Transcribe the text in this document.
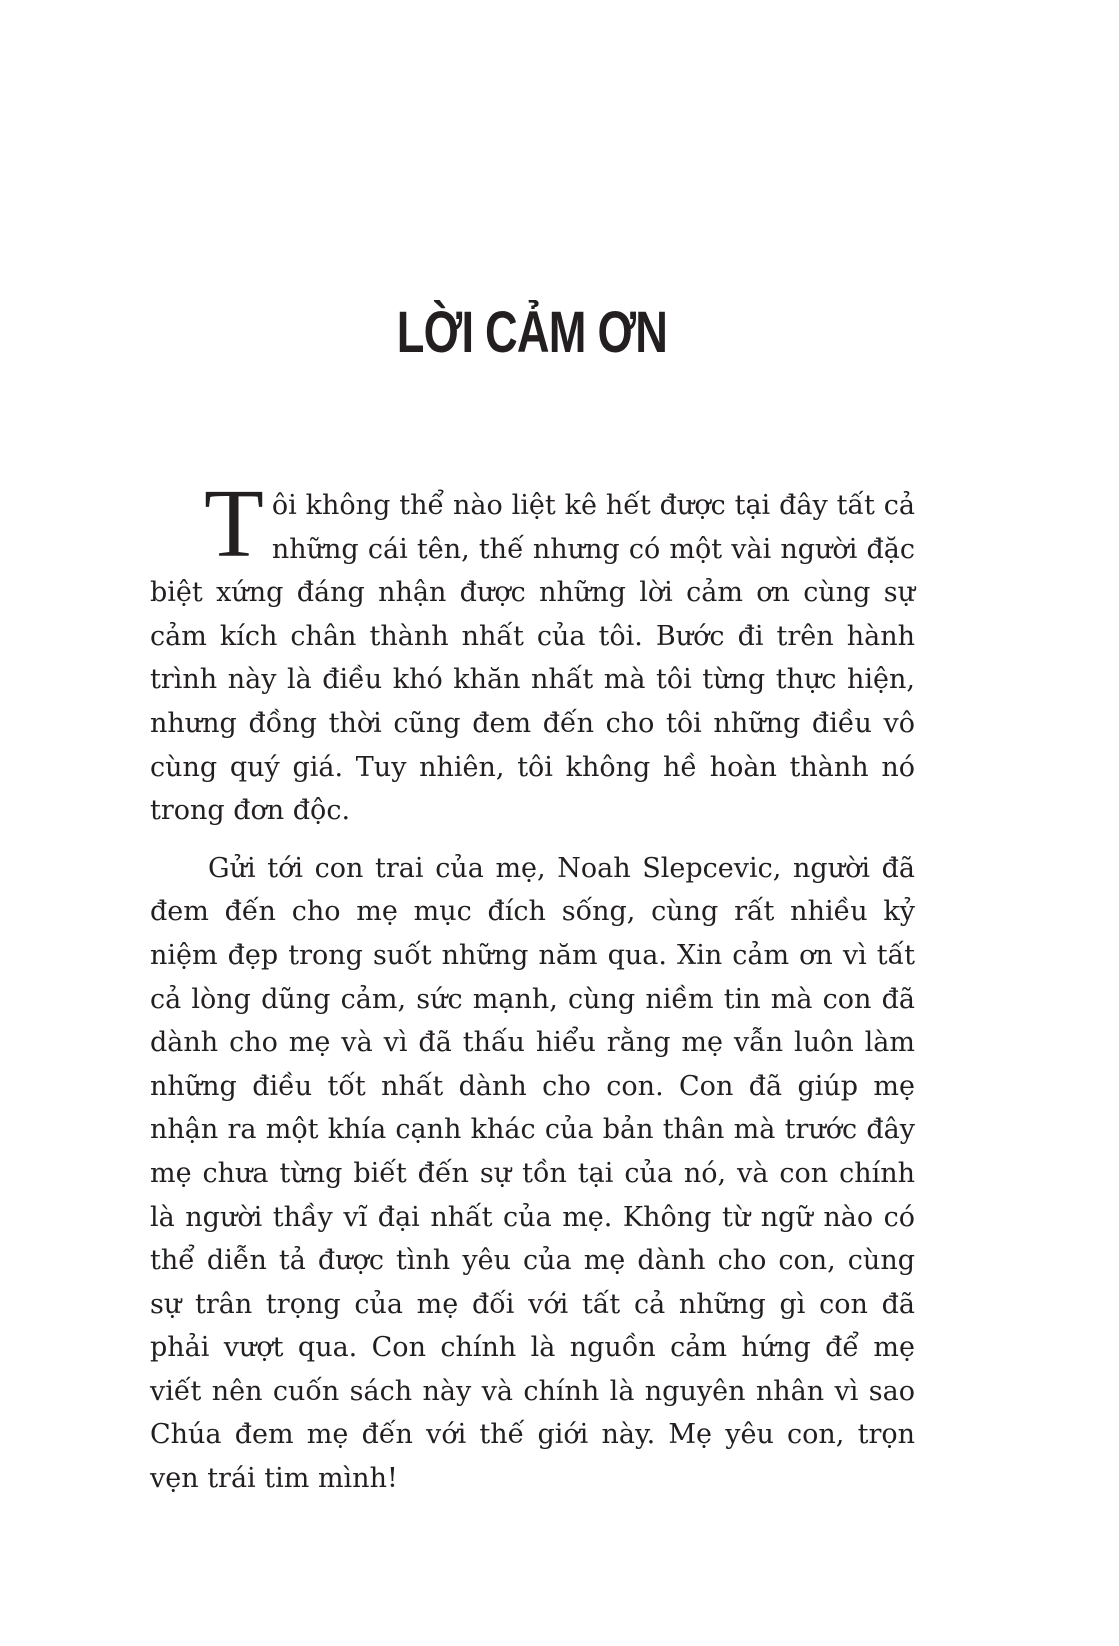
LỜI CẢM ƠN

Tôi không thể nào liệt kê hết được tại đây tất cả những cái tên, thế nhưng có một vài người đặc biệt xứng đáng nhận được những lời cảm ơn cùng sự cảm kích chân thành nhất của tôi. Bước đi trên hành trình này là điều khó khăn nhất mà tôi từng thực hiện, nhưng đồng thời cũng đem đến cho tôi những điều vô cùng quý giá. Tuy nhiên, tôi không hề hoàn thành nó trong đơn độc.

Gửi tới con trai của mẹ, Noah Slepcevic, người đã đem đến cho mẹ mục đích sống, cùng rất nhiều kỷ niệm đẹp trong suốt những năm qua. Xin cảm ơn vì tất cả lòng dũng cảm, sức mạnh, cùng niềm tin mà con đã dành cho mẹ và vì đã thấu hiểu rằng mẹ vẫn luôn làm những điều tốt nhất dành cho con. Con đã giúp mẹ nhận ra một khía cạnh khác của bản thân mà trước đây mẹ chưa từng biết đến sự tồn tại của nó, và con chính là người thầy vĩ đại nhất của mẹ. Không từ ngữ nào có thể diễn tả được tình yêu của mẹ dành cho con, cùng sự trân trọng của mẹ đối với tất cả những gì con đã phải vượt qua. Con chính là nguồn cảm hứng để mẹ viết nên cuốn sách này và chính là nguyên nhân vì sao Chúa đem mẹ đến với thế giới này. Mẹ yêu con, trọn vẹn trái tim mình!
